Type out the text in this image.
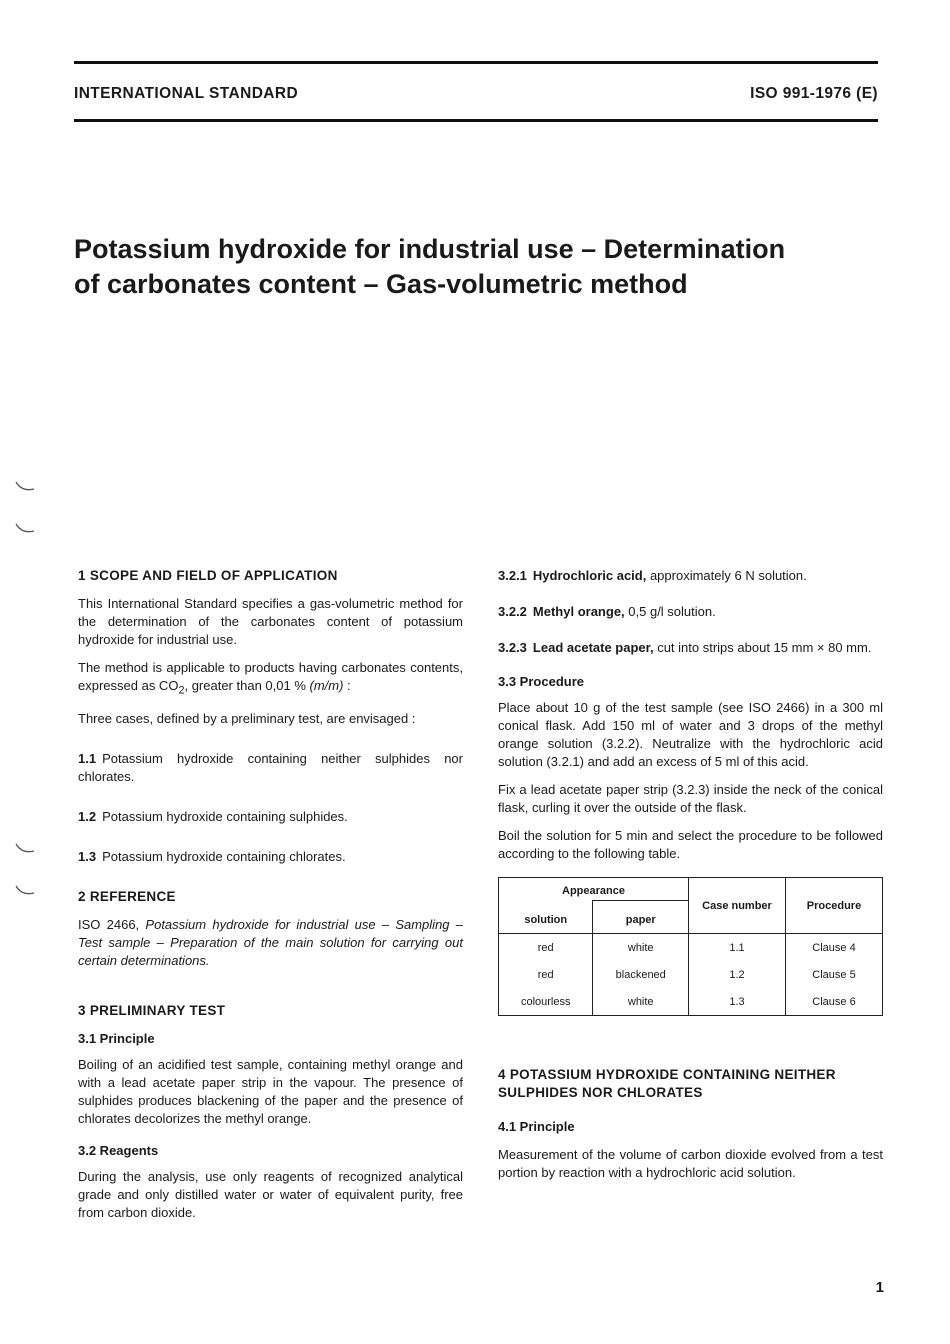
INTERNATIONAL STANDARD	ISO 991-1976 (E)
Potassium hydroxide for industrial use – Determination
of carbonates content – Gas-volumetric method
1 SCOPE AND FIELD OF APPLICATION
This International Standard specifies a gas-volumetric method for the determination of the carbonates content of potassium hydroxide for industrial use.
The method is applicable to products having carbonates contents, expressed as $CO_2$, greater than 0,01 % (m/m) :
Three cases, defined by a preliminary test, are envisaged :
1.1 Potassium hydroxide containing neither sulphides nor chlorates.
1.2 Potassium hydroxide containing sulphides.
1.3 Potassium hydroxide containing chlorates.
2 REFERENCE
ISO 2466, Potassium hydroxide for industrial use – Sampling – Test sample – Preparation of the main solution for carrying out certain determinations.
3 PRELIMINARY TEST
3.1 Principle
Boiling of an acidified test sample, containing methyl orange and with a lead acetate paper strip in the vapour. The presence of sulphides produces blackening of the paper and the presence of chlorates decolorizes the methyl orange.
3.2 Reagents
During the analysis, use only reagents of recognized analytical grade and only distilled water or water of equivalent purity, free from carbon dioxide.
3.2.1 Hydrochloric acid, approximately 6 N solution.
3.2.2 Methyl orange, 0,5 g/l solution.
3.2.3 Lead acetate paper, cut into strips about 15 mm × 80 mm.
3.3 Procedure
Place about 10 g of the test sample (see ISO 2466) in a 300 ml conical flask. Add 150 ml of water and 3 drops of the methyl orange solution (3.2.2). Neutralize with the hydrochloric acid solution (3.2.1) and add an excess of 5 ml of this acid.
Fix a lead acetate paper strip (3.2.3) inside the neck of the conical flask, curling it over the outside of the flask.
Boil the solution for 5 min and select the procedure to be followed according to the following table.
Appearance		Case number	Procedure
solution	paper		
red	white	1.1	Clause 4
red	blackened	1.2	Clause 5
colourless	white	1.3	Clause 6
4 POTASSIUM HYDROXIDE CONTAINING NEITHER SULPHIDES NOR CHLORATES
4.1 Principle
Measurement of the volume of carbon dioxide evolved from a test portion by reaction with a hydrochloric acid solution.
1
